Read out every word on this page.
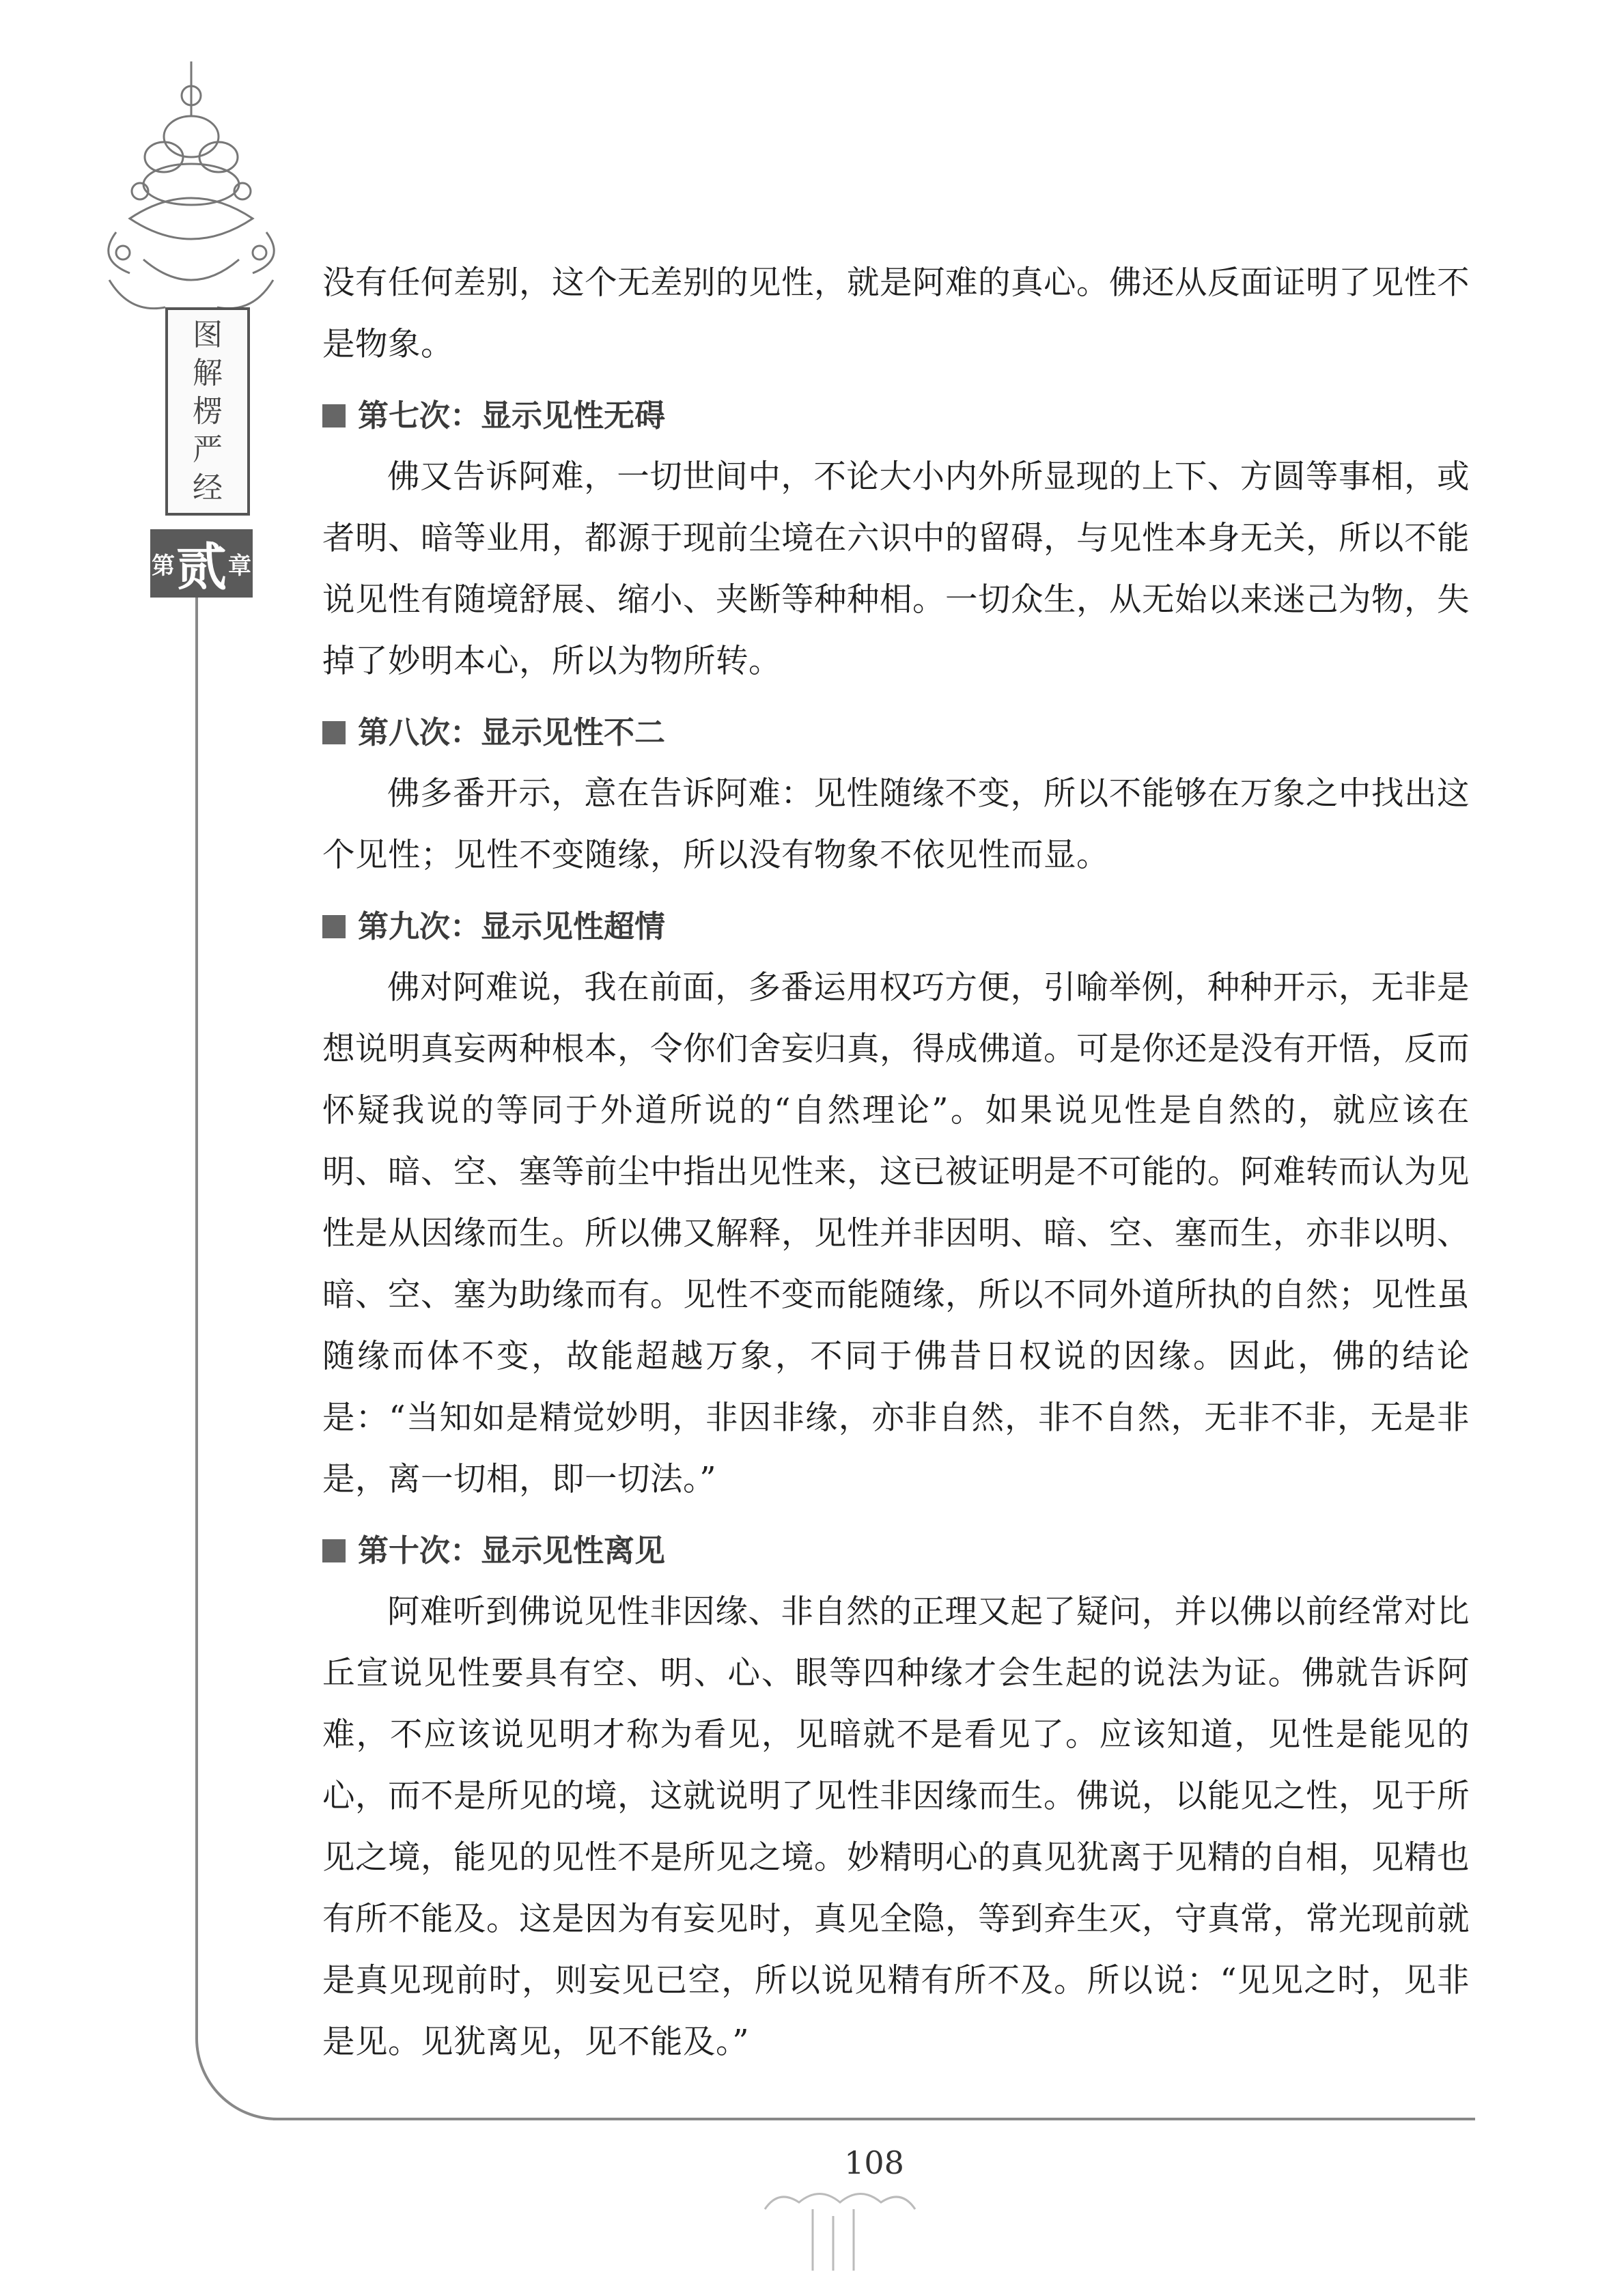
图
解
楞
严
经
第 贰 章

没有任何差别，这个无差别的见性，就是阿难的真心。佛还从反面证明了见性不是物象。

第七次：显示见性无碍

佛又告诉阿难，一切世间中，不论大小内外所显现的上下、方圆等事相，或者明、暗等业用，都源于现前尘境在六识中的留碍，与见性本身无关，所以不能说见性有随境舒展、缩小、夹断等种种相。一切众生，从无始以来迷己为物，失掉了妙明本心，所以为物所转。

第八次：显示见性不二

佛多番开示，意在告诉阿难：见性随缘不变，所以不能够在万象之中找出这个见性；见性不变随缘，所以没有物象不依见性而显。

第九次：显示见性超情

佛对阿难说，我在前面，多番运用权巧方便，引喻举例，种种开示，无非是想说明真妄两种根本，令你们舍妄归真，得成佛道。可是你还是没有开悟，反而怀疑我说的等同于外道所说的“自然理论”。如果说见性是自然的，就应该在明、暗、空、塞等前尘中指出见性来，这已被证明是不可能的。阿难转而认为见性是从因缘而生。所以佛又解释，见性并非因明、暗、空、塞而生，亦非以明、暗、空、塞为助缘而有。见性不变而能随缘，所以不同外道所执的自然；见性虽随缘而体不变，故能超越万象，不同于佛昔日权说的因缘。因此，佛的结论是：“当知如是精觉妙明，非因非缘，亦非自然，非不自然，无非不非，无是非是，离一切相，即一切法。”

第十次：显示见性离见

阿难听到佛说见性非因缘、非自然的正理又起了疑问，并以佛以前经常对比丘宣说见性要具有空、明、心、眼等四种缘才会生起的说法为证。佛就告诉阿难，不应该说见明才称为看见，见暗就不是看见了。应该知道，见性是能见的心，而不是所见的境，这就说明了见性非因缘而生。佛说，以能见之性，见于所见之境，能见的见性不是所见之境。妙精明心的真见犹离于见精的自相，见精也有所不能及。这是因为有妄见时，真见全隐，等到弃生灭，守真常，常光现前就是真见现前时，则妄见已空，所以说见精有所不及。所以说：“见见之时，见非是见。见犹离见，见不能及。”

108
